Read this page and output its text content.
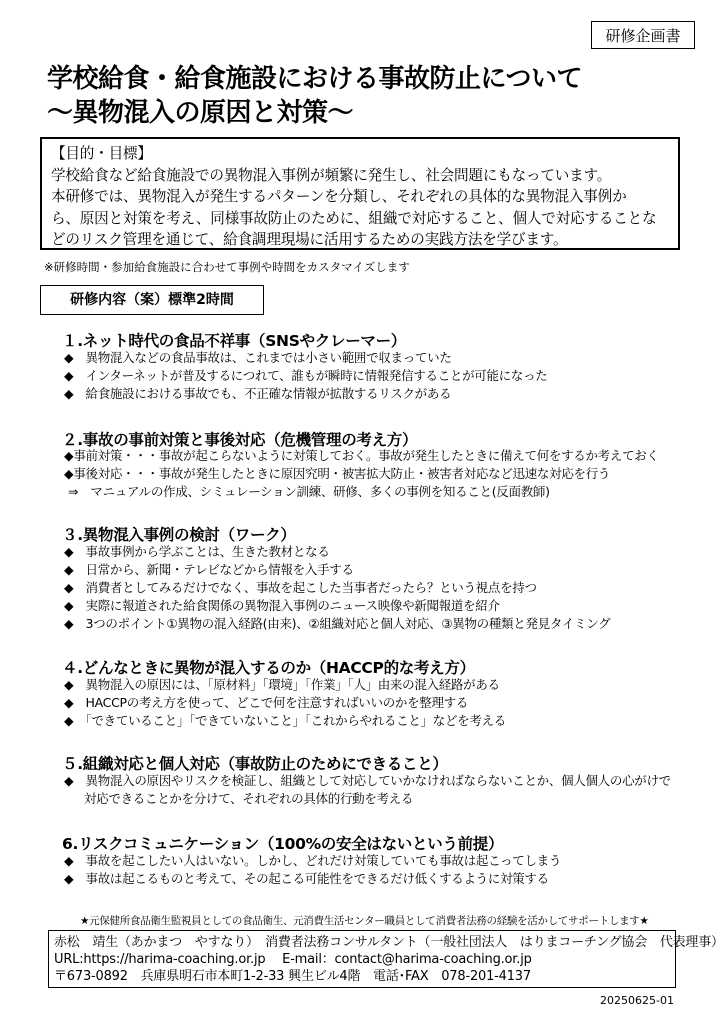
研修企画書
学校給食・給食施設における事故防止について
～異物混入の原因と対策～
【目的・目標】
学校給食など給食施設での異物混入事例が頻繁に発生し、社会問題にもなっています。
本研修では、異物混入が発生するパターンを分類し、それぞれの具体的な異物混入事例か
ら、原因と対策を考え、同様事故防止のために、組織で対応すること、個人で対応することな
どのリスク管理を通じて、給食調理現場に活用するための実践方法を学びます。
※研修時間・参加給食施設に合わせて事例や時間をカスタマイズします
研修内容（案）標準2時間
１.ネット時代の食品不祥事（SNSやクレーマー）
◆　異物混入などの食品事故は、これまでは小さい範囲で収まっていた
◆　インターネットが普及するにつれて、誰もが瞬時に情報発信することが可能になった
◆　給食施設における事故でも、不正確な情報が拡散するリスクがある
２.事故の事前対策と事後対応（危機管理の考え方）
◆事前対策・・・事故が起こらないように対策しておく。事故が発生したときに備えて何をするか考えておく
◆事後対応・・・事故が発生したときに原因究明・被害拡大防止・被害者対応など迅速な対応を行う
⇒　マニュアルの作成、シミュレーション訓練、研修、多くの事例を知ること(反面教師)
３.異物混入事例の検討（ワーク）
◆　事故事例から学ぶことは、生きた教材となる
◆　日常から、新聞・テレビなどから情報を入手する
◆　消費者としてみるだけでなく、事故を起こした当事者だったら？という視点を持つ
◆　実際に報道された給食関係の異物混入事例のニュース映像や新聞報道を紹介
◆　3つのポイント①異物の混入経路(由来)、②組織対応と個人対応、③異物の種類と発見タイミング
４.どんなときに異物が混入するのか（HACCP的な考え方）
◆　異物混入の原因には、「原材料」「環境」「作業」「人」由来の混入経路がある
◆　HACCPの考え方を使って、どこで何を注意すればいいのかを整理する
◆　「できていること」「できていないこと」「これからやれること」などを考える
５.組織対応と個人対応（事故防止のためにできること）
◆　異物混入の原因やリスクを検証し、組織として対応していかなければならないことか、個人個人の心がけで
対応できることかを分けて、それぞれの具体的行動を考える
6.リスクコミュニケーション（100%の安全はないという前提）
◆　事故を起こしたい人はいない。しかし、どれだけ対策していても事故は起こってしまう
◆　事故は起こるものと考えて、その起こる可能性をできるだけ低くするように対策する
★元保健所食品衛生監視員としての食品衛生、元消費生活センター職員として消費者法務の経験を活かしてサポートします★
赤松　靖生（あかまつ　やすなり）　消費者法務コンサルタント（一般社団法人　はりまコーチング協会　代表理事）
URL:https://harima-coaching.or.jp　 E-mail：contact@harima-coaching.or.jp
〒673-0892　兵庫県明石市本町1-2-33 興生ビル4階　電話･FAX　078-201-4137
20250625-01
